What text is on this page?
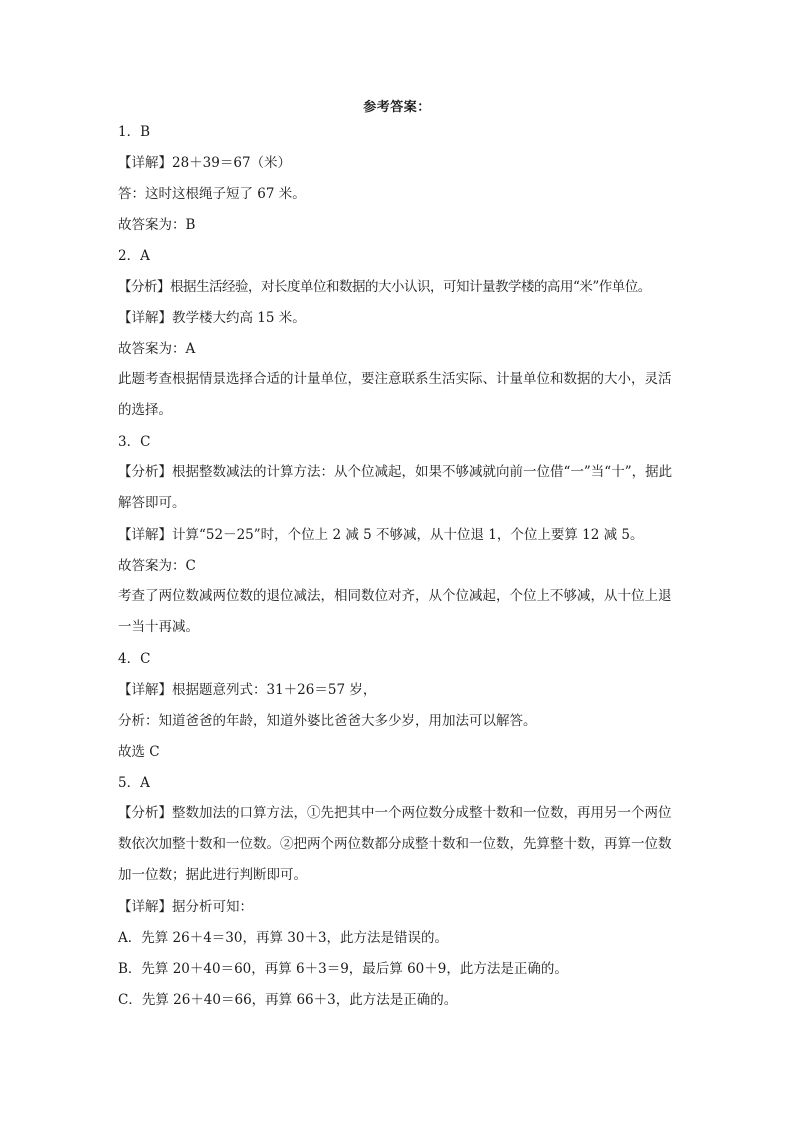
参考答案：
1．B
【详解】28＋39＝67（米）
答：这时这根绳子短了 67 米。
故答案为：B
2．A
【分析】根据生活经验，对长度单位和数据的大小认识，可知计量教学楼的高用“米”作单位。
【详解】教学楼大约高 15 米。
故答案为：A
此题考查根据情景选择合适的计量单位，要注意联系生活实际、计量单位和数据的大小，灵活的选择。
3．C
【分析】根据整数减法的计算方法：从个位减起，如果不够减就向前一位借“一”当“十”，据此解答即可。
【详解】计算“52－25”时，个位上 2 减 5 不够减，从十位退 1，个位上要算 12 减 5。
故答案为：C
考查了两位数减两位数的退位减法，相同数位对齐，从个位减起，个位上不够减，从十位上退一当十再减。
4．C
【详解】根据题意列式：31＋26＝57 岁，
分析：知道爸爸的年龄，知道外婆比爸爸大多少岁，用加法可以解答。
故选 C
5．A
【分析】整数加法的口算方法，①先把其中一个两位数分成整十数和一位数，再用另一个两位数依次加整十数和一位数。②把两个两位数都分成整十数和一位数，先算整十数，再算一位数加一位数；据此进行判断即可。
【详解】据分析可知：
A．先算 26＋4＝30，再算 30＋3，此方法是错误的。
B．先算 20＋40＝60，再算 6＋3＝9，最后算 60＋9，此方法是正确的。
C．先算 26＋40＝66，再算 66＋3，此方法是正确的。
